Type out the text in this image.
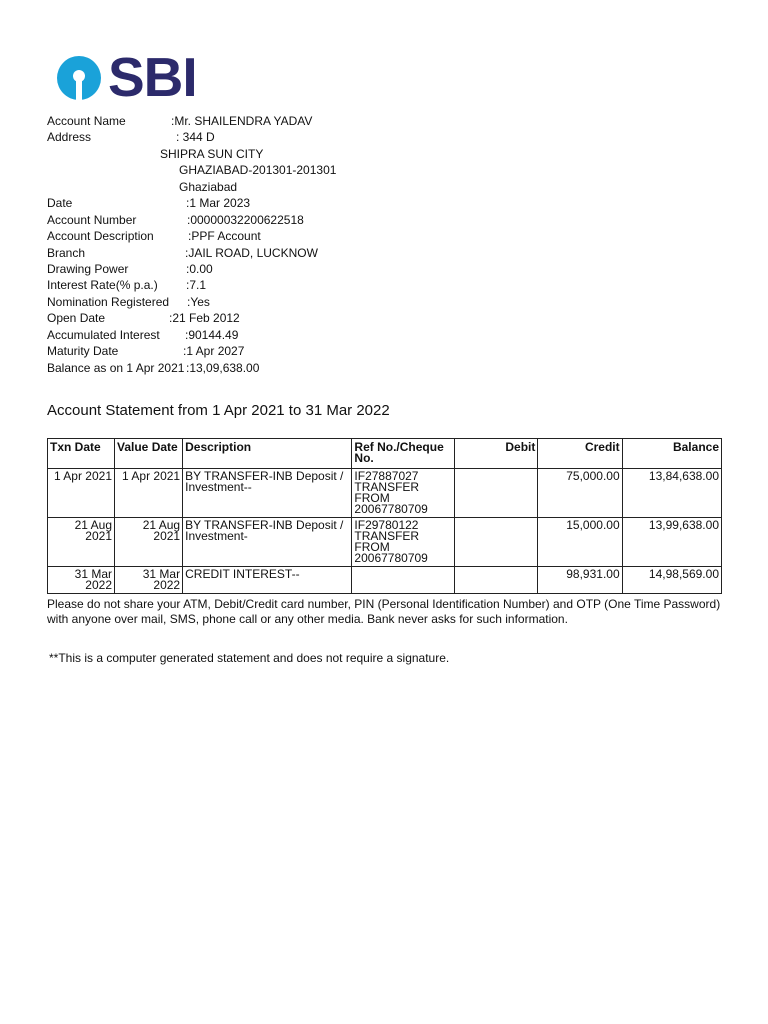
SBI
Account Name	:Mr. SHAILENDRA YADAV
Address	: 344 D
SHIPRA SUN CITY
GHAZIABAD-201301-201301
Ghaziabad
Date	:1 Mar 2023
Account Number	:00000032200622518
Account Description	:PPF Account
Branch	:JAIL ROAD, LUCKNOW
Drawing Power	:0.00
Interest Rate(% p.a.) :7.1
Nomination Registered :Yes
Open Date	:21 Feb 2012
Accumulated Interest :90144.49
Maturity Date	:1 Apr 2027
Balance as on 1 Apr 2021 :13,09,638.00
Account Statement from 1 Apr 2021 to 31 Mar 2022
Txn Date	Value Date	Description	Ref No./Cheque No.	Debit	Credit	Balance
1 Apr 2021	1 Apr 2021	BY TRANSFER-INB Deposit / Investment--	IF27887027 TRANSFER FROM 20067780709		75,000.00	13,84,638.00
21 Aug 2021	21 Aug 2021	BY TRANSFER-INB Deposit / Investment-	IF29780122 TRANSFER FROM 20067780709		15,000.00	13,99,638.00
31 Mar 2022	31 Mar 2022	CREDIT INTEREST--			98,931.00	14,98,569.00
Please do not share your ATM, Debit/Credit card number, PIN (Personal Identification Number) and OTP (One Time Password) with anyone over mail, SMS, phone call or any other media. Bank never asks for such information.
**This is a computer generated statement and does not require a signature.
